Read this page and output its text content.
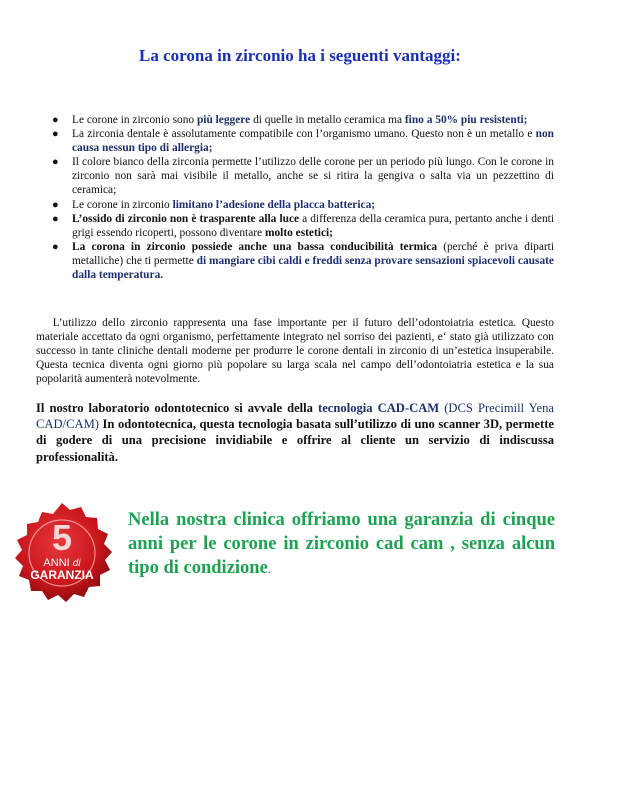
La corona in zirconio ha i seguenti vantaggi:
● Le corone in zirconio sono più leggere di quelle in metallo ceramica ma fino a 50% piu resistenti;
● La zirconia dentale è assolutamente compatibile con l’organismo umano. Questo non è un metallo e non causa nessun tipo di allergia;
● Il colore bianco della zirconia permette l’utilizzo delle corone per un periodo più lungo. Con le corone in zirconio non sarà mai visibile il metallo, anche se si ritira la gengiva o salta via un pezzettino di ceramica;
● Le corone in zirconio limitano l’adesione della placca batterica;
● L’ossido di zirconio non è trasparente alla luce a differenza della ceramica pura, pertanto anche i denti grigi essendo ricoperti, possono diventare molto estetici;
● La corona in zirconio possiede anche una bassa conducibilità termica (perché è priva diparti metalliche) che ti permette di mangiare cibi caldi e freddi senza provare sensazioni spiacevoli causate dalla temperatura.

L’utilizzo dello zirconio rappresenta una fase importante per il futuro dell’odontoiatria estetica. Questo materiale accettato da ogni organismo, perfettamente integrato nel sorriso dei pazienti, e‘ stato già utilizzato con successo in tante cliniche dentali moderne per produrre le corone dentali in zirconio di un’estetica insuperabile. Questa tecnica diventa ogni giorno più popolare su larga scala nel campo dell’odontoiatria estetica e la sua popolarità aumenterà notevolmente.

Il nostro laboratorio odontotecnico si avvale della tecnologia CAD-CAM (DCS Precimill Yena CAD/CAM) In odontotecnica, questa tecnologia basata sull’utilizzo di uno scanner 3D, permette di godere di una precisione invidiabile e offrire al cliente un servizio di indiscussa professionalità.

5
ANNI di
GARANZIA

Nella nostra clinica offriamo una garanzia di cinque anni per le corone in zirconio cad cam , senza alcun tipo di condizione.
